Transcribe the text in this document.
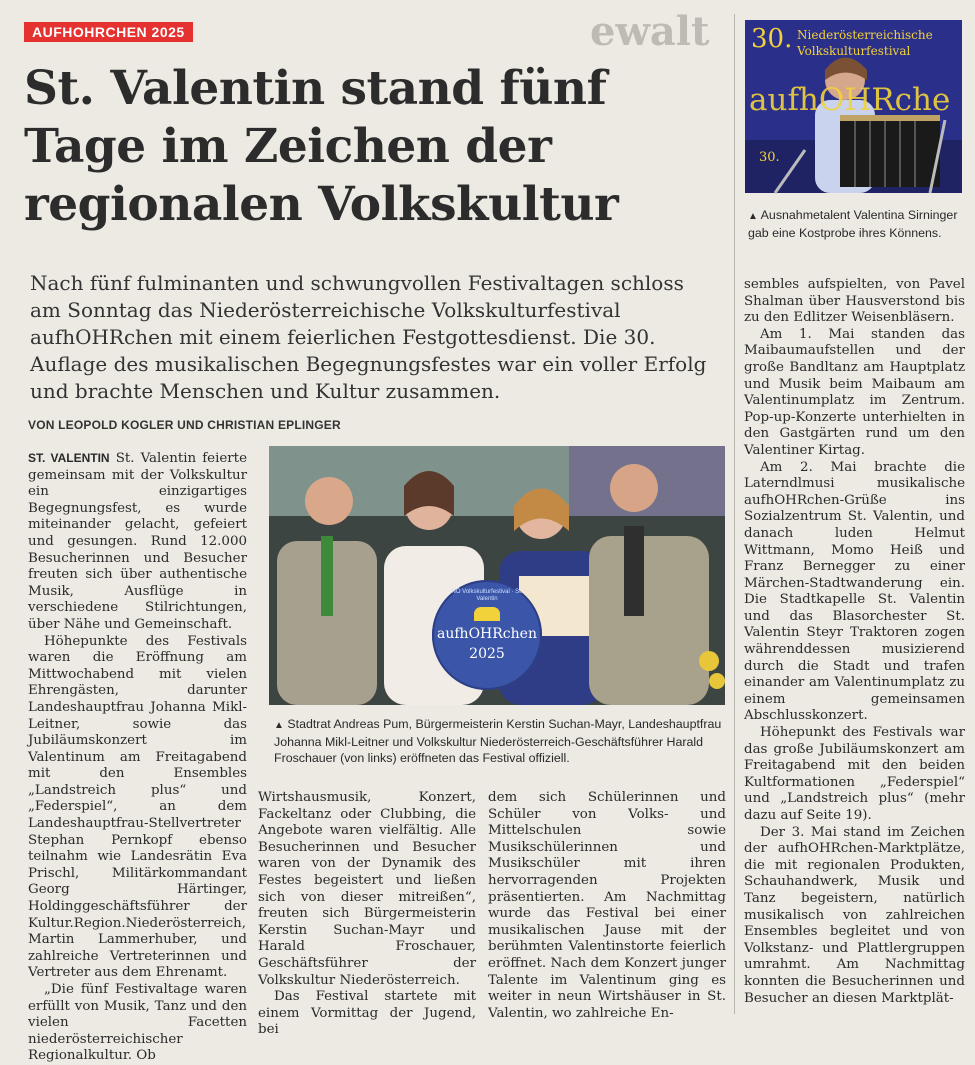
ewalt
AUFHOHRCHEN 2025
St. Valentin stand fünf Tage im Zeichen der regionalen Volkskultur

Nach fünf fulminanten und schwungvollen Festivaltagen schloss am Sonntag das Niederösterreichische Volkskulturfestival aufhOHRchen mit einem feierlichen Festgottesdienst. Die 30. Auflage des musikalischen Begegnungsfestes war ein voller Erfolg und brachte Menschen und Kultur zusammen.

VON LEOPOLD KOGLER UND CHRISTIAN EPLINGER

ST. VALENTIN St. Valentin feierte gemeinsam mit der Volkskultur ein einzigartiges Begegnungsfest, es wurde miteinander gelacht, gefeiert und gesungen. Rund 12.000 Besucherinnen und Besucher freuten sich über authentische Musik, Ausflüge in verschiedene Stilrichtungen, über Nähe und Gemeinschaft.

Höhepunkte des Festivals waren die Eröffnung am Mittwochabend mit vielen Ehrengästen, darunter Landeshauptfrau Johanna Mikl-Leitner, sowie das Jubiläumskonzert im Valentinum am Freitagabend mit den Ensembles „Landstreich plus“ und „Federspiel“, an dem Landeshauptfrau-Stellvertreter Stephan Pernkopf ebenso teilnahm wie Landesrätin Eva Prischl, Militärkommandant Georg Härtinger, Holdinggeschäftsführer der Kultur.Region.Niederösterreich, Martin Lammerhuber, und zahlreiche Vertreterinnen und Vertreter aus dem Ehrenamt.

„Die fünf Festivaltage waren erfüllt von Musik, Tanz und den vielen Facetten niederösterreichischer Regionalkultur. Ob

NÖ Volkskulturfestival · St. Valentin
aufhOHRchen
2025
▲ Stadtrat Andreas Pum, Bürgermeisterin Kerstin Suchan-Mayr, Landeshauptfrau Johanna Mikl-Leitner und Volkskultur Niederösterreich-Geschäftsführer Harald Froschauer (von links) eröffneten das Festival offiziell.

Wirtshausmusik, Konzert, Fackeltanz oder Clubbing, die Angebote waren vielfältig. Alle Besucherinnen und Besucher waren von der Dynamik des Festes begeistert und ließen sich von dieser mitreißen“, freuten sich Bürgermeisterin Kerstin Suchan-Mayr und Harald Froschauer, Geschäftsführer der Volkskultur Niederösterreich.

Das Festival startete mit einem Vormittag der Jugend, bei

dem sich Schülerinnen und Schüler von Volks- und Mittelschulen sowie Musikschülerinnen und Musikschüler mit ihren hervorragenden Projekten präsentierten. Am Nachmittag wurde das Festival bei einer musikalischen Jause mit der berühmten Valentinstorte feierlich eröffnet. Nach dem Konzert junger Talente im Valentinum ging es weiter in neun Wirtshäuser in St. Valentin, wo zahlreiche En-

30. Niederösterreichische
Volkskulturfestival
aufhOHRche
30.
▲ Ausnahmetalent Valentina Sirninger gab eine Kostprobe ihres Könnens.

sembles aufspielten, von Pavel Shalman über Hausverstond bis zu den Edlitzer Weisenbläsern.

Am 1. Mai standen das Maibaumaufstellen und der große Bandltanz am Hauptplatz und Musik beim Maibaum am Valentinumplatz im Zentrum. Pop-up-Konzerte unterhielten in den Gastgärten rund um den Valentiner Kirtag.

Am 2. Mai brachte die Laterndlmusi musikalische aufhOHRchen-Grüße ins Sozialzentrum St. Valentin, und danach luden Helmut Wittmann, Momo Heiß und Franz Bernegger zu einer Märchen-Stadtwanderung ein. Die Stadtkapelle St. Valentin und das Blasorchester St. Valentin Steyr Traktoren zogen währenddessen musizierend durch die Stadt und trafen einander am Valentinumplatz zu einem gemeinsamen Abschlusskonzert.

Höhepunkt des Festivals war das große Jubiläumskonzert am Freitagabend mit den beiden Kultformationen „Federspiel“ und „Landstreich plus“ (mehr dazu auf Seite 19).

Der 3. Mai stand im Zeichen der aufhOHRchen-Marktplätze, die mit regionalen Produkten, Schauhandwerk, Musik und Tanz begeistern, natürlich musikalisch von zahlreichen Ensembles begleitet und von Volkstanz- und Plattlergruppen umrahmt. Am Nachmittag konnten die Besucherinnen und Besucher an diesen Marktplät-
